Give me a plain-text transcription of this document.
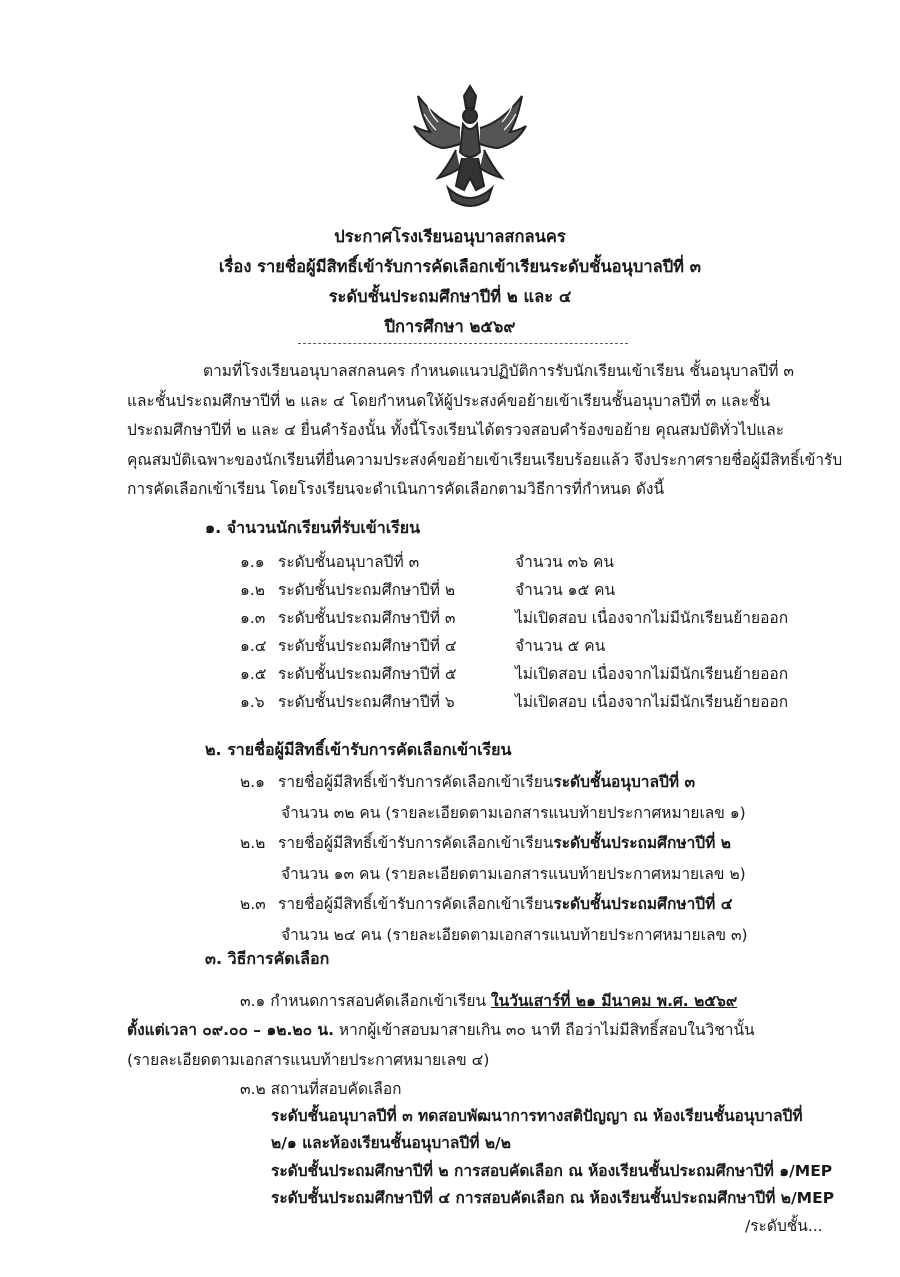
ประกาศโรงเรียนอนุบาลสกลนคร
เรื่อง รายชื่อผู้มีสิทธิ์เข้ารับการคัดเลือกเข้าเรียนระดับชั้นอนุบาลปีที่ ๓
ระดับชั้นประถมศึกษาปีที่ ๒ และ ๔
ปีการศึกษา ๒๕๖๙
ตามที่โรงเรียนอนุบาลสกลนคร กำหนดแนวปฏิบัติการรับนักเรียนเข้าเรียน ชั้นอนุบาลปีที่ ๓
และชั้นประถมศึกษาปีที่ ๒ และ ๔ โดยกำหนดให้ผู้ประสงค์ขอย้ายเข้าเรียนชั้นอนุบาลปีที่ ๓ และชั้น
ประถมศึกษาปีที่ ๒ และ ๔ ยื่นคำร้องนั้น ทั้งนี้โรงเรียนได้ตรวจสอบคำร้องขอย้าย คุณสมบัติทั่วไปและ
คุณสมบัติเฉพาะของนักเรียนที่ยื่นความประสงค์ขอย้ายเข้าเรียนเรียบร้อยแล้ว จึงประกาศรายชื่อผู้มีสิทธิ์เข้ารับ
การคัดเลือกเข้าเรียน โดยโรงเรียนจะดำเนินการคัดเลือกตามวิธีการที่กำหนด ดังนี้
๑. จำนวนนักเรียนที่รับเข้าเรียน
๑.๑ ระดับชั้นอนุบาลปีที่ ๓	จำนวน ๓๖ คน
๑.๒ ระดับชั้นประถมศึกษาปีที่ ๒	จำนวน ๑๕ คน
๑.๓ ระดับชั้นประถมศึกษาปีที่ ๓	ไม่เปิดสอบ เนื่องจากไม่มีนักเรียนย้ายออก
๑.๔ ระดับชั้นประถมศึกษาปีที่ ๔	จำนวน ๕ คน
๑.๕ ระดับชั้นประถมศึกษาปีที่ ๕	ไม่เปิดสอบ เนื่องจากไม่มีนักเรียนย้ายออก
๑.๖ ระดับชั้นประถมศึกษาปีที่ ๖	ไม่เปิดสอบ เนื่องจากไม่มีนักเรียนย้ายออก
๒. รายชื่อผู้มีสิทธิ์เข้ารับการคัดเลือกเข้าเรียน
๒.๑ รายชื่อผู้มีสิทธิ์เข้ารับการคัดเลือกเข้าเรียนระดับชั้นอนุบาลปีที่ ๓
จำนวน ๓๒ คน (รายละเอียดตามเอกสารแนบท้ายประกาศหมายเลข ๑)
๒.๒ รายชื่อผู้มีสิทธิ์เข้ารับการคัดเลือกเข้าเรียนระดับชั้นประถมศึกษาปีที่ ๒
จำนวน ๑๓ คน (รายละเอียดตามเอกสารแนบท้ายประกาศหมายเลข ๒)
๒.๓ รายชื่อผู้มีสิทธิ์เข้ารับการคัดเลือกเข้าเรียนระดับชั้นประถมศึกษาปีที่ ๔
จำนวน ๒๔ คน (รายละเอียดตามเอกสารแนบท้ายประกาศหมายเลข ๓)
๓. วิธีการคัดเลือก
๓.๑ กำหนดการสอบคัดเลือกเข้าเรียน ในวันเสาร์ที่ ๒๑ มีนาคม พ.ศ. ๒๕๖๙
ตั้งแต่เวลา ๐๙.๐๐ – ๑๒.๒๐ น. หากผู้เข้าสอบมาสายเกิน ๓๐ นาที ถือว่าไม่มีสิทธิ์สอบในวิชานั้น
(รายละเอียดตามเอกสารแนบท้ายประกาศหมายเลข ๔)
๓.๒ สถานที่สอบคัดเลือก
ระดับชั้นอนุบาลปีที่ ๓ ทดสอบพัฒนาการทางสติปัญญา ณ ห้องเรียนชั้นอนุบาลปีที่
๒/๑ และห้องเรียนชั้นอนุบาลปีที่ ๒/๒
ระดับชั้นประถมศึกษาปีที่ ๒ การสอบคัดเลือก ณ ห้องเรียนชั้นประถมศึกษาปีที่ ๑/MEP
ระดับชั้นประถมศึกษาปีที่ ๔ การสอบคัดเลือก ณ ห้องเรียนชั้นประถมศึกษาปีที่ ๒/MEP
/ระดับชั้น...
